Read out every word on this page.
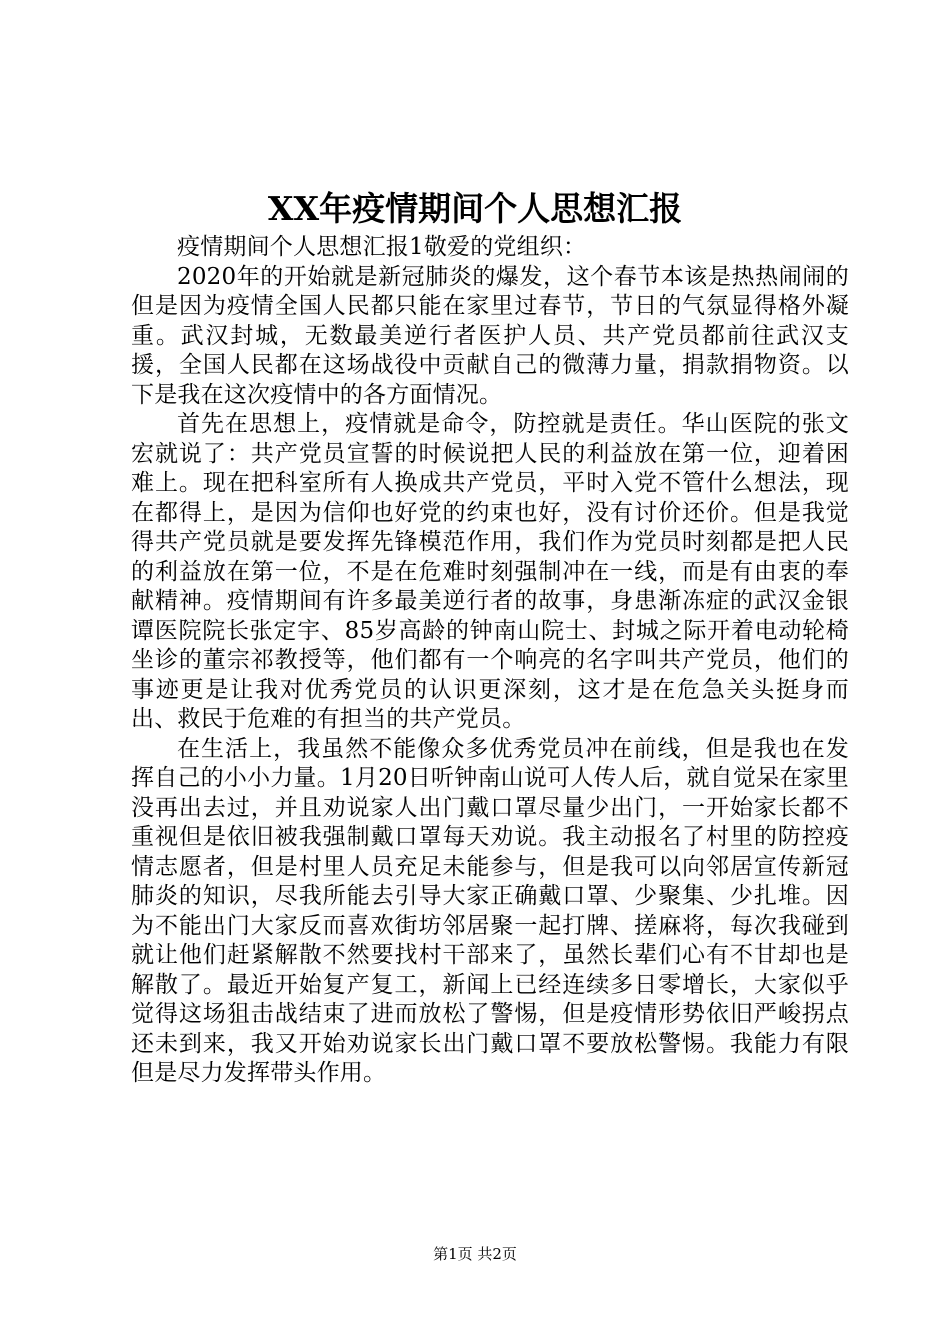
XX年疫情期间个人思想汇报

疫情期间个人思想汇报1敬爱的党组织：

2020年的开始就是新冠肺炎的爆发，这个春节本该是热热闹闹的但是因为疫情全国人民都只能在家里过春节，节日的气氛显得格外凝重。武汉封城，无数最美逆行者医护人员、共产党员都前往武汉支援，全国人民都在这场战役中贡献自己的微薄力量，捐款捐物资。以下是我在这次疫情中的各方面情况。

首先在思想上，疫情就是命令，防控就是责任。华山医院的张文宏就说了：共产党员宣誓的时候说把人民的利益放在第一位，迎着困难上。现在把科室所有人换成共产党员，平时入党不管什么想法，现在都得上，是因为信仰也好党的约束也好，没有讨价还价。但是我觉得共产党员就是要发挥先锋模范作用，我们作为党员时刻都是把人民的利益放在第一位，不是在危难时刻强制冲在一线，而是有由衷的奉献精神。疫情期间有许多最美逆行者的故事，身患渐冻症的武汉金银谭医院院长张定宇、85岁高龄的钟南山院士、封城之际开着电动轮椅坐诊的董宗祁教授等，他们都有一个响亮的名字叫共产党员，他们的事迹更是让我对优秀党员的认识更深刻，这才是在危急关头挺身而出、救民于危难的有担当的共产党员。

在生活上，我虽然不能像众多优秀党员冲在前线，但是我也在发挥自己的小小力量。1月20日听钟南山说可人传人后，就自觉呆在家里没再出去过，并且劝说家人出门戴口罩尽量少出门，一开始家长都不重视但是依旧被我强制戴口罩每天劝说。我主动报名了村里的防控疫情志愿者，但是村里人员充足未能参与，但是我可以向邻居宣传新冠肺炎的知识，尽我所能去引导大家正确戴口罩、少聚集、少扎堆。因为不能出门大家反而喜欢街坊邻居聚一起打牌、搓麻将，每次我碰到就让他们赶紧解散不然要找村干部来了，虽然长辈们心有不甘却也是解散了。最近开始复产复工，新闻上已经连续多日零增长，大家似乎觉得这场狙击战结束了进而放松了警惕，但是疫情形势依旧严峻拐点还未到来，我又开始劝说家长出门戴口罩不要放松警惕。我能力有限但是尽力发挥带头作用。

第1页 共2页
